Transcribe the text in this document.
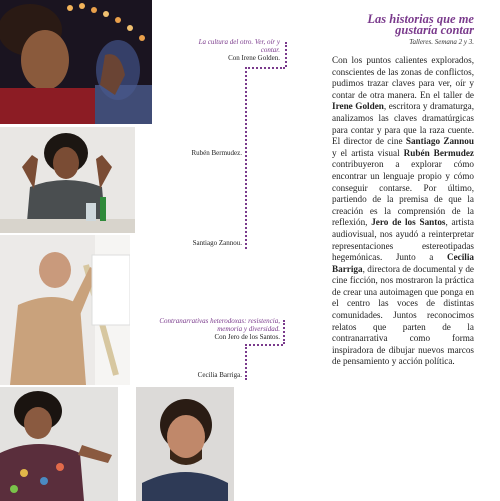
Las historias que me gustaría contar
Talleres. Semana 2 y 3.
La cultura del otro. Ver, oír y contar.
Con Irene Golden.
Rubén Bermudez.
Santiago Zannou.
Contranarrativas heterodoxas: resistencia, memoria y diversidad.
Con Jero de los Santos.
Cecilia Barriga.
Con los puntos calientes explorados, conscientes de las zonas de conflictos, pudimos trazar claves para ver, oír y contar de otra manera. En el taller de Irene Golden, escritora y dramaturga, analizamos las claves dramatúrgicas para contar y para que la raza cuente. El director de cine Santiago Zannou y el artista visual Rubén Bermudez contribuyeron a explorar cómo encontrar un lenguaje propio y cómo conseguir contarse. Por último, partiendo de la premisa de que la creación es la comprensión de la reflexión, Jero de los Santos, artista audiovisual, nos ayudó a reinterpretar representaciones estereotipadas hegemónicas. Junto a Cecilia Barriga, directora de documental y de cine ficción, nos mostraron la práctica de crear una autoimagen que ponga en el centro las voces de distintas comunidades. Juntos reconocimos relatos que parten de la contranarrativa como forma inspiradora de dibujar nuevos marcos de pensamiento y acción política.
